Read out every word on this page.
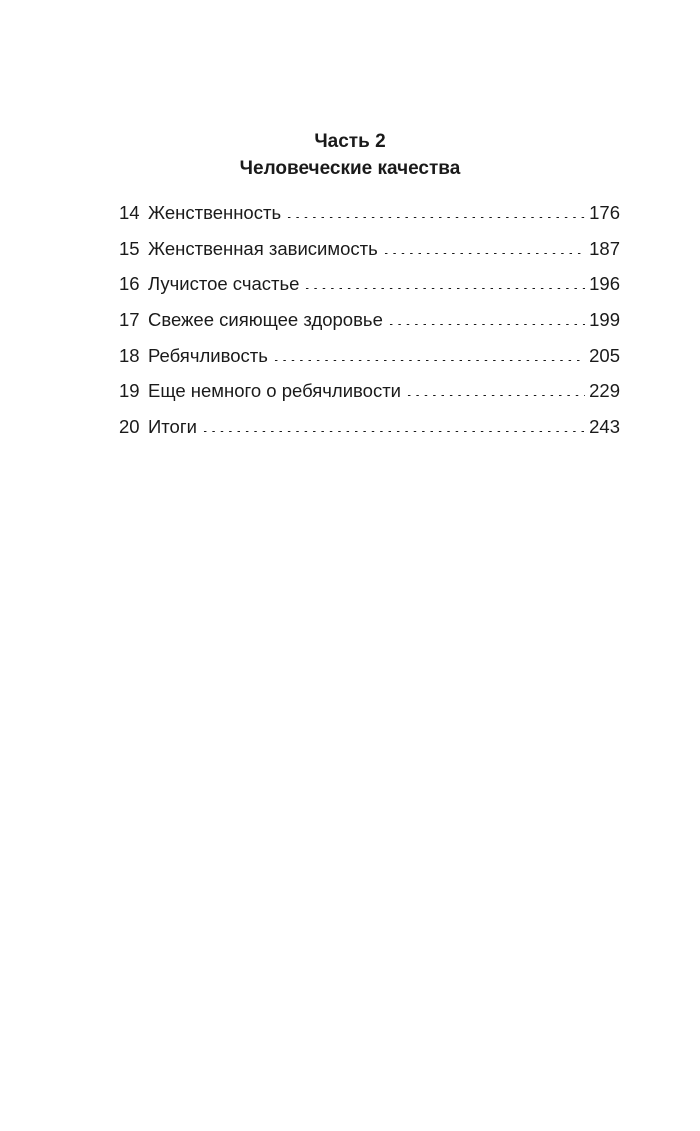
Часть 2
Человеческие качества
14 Женственность	176
15 Женственная зависимость	187
16 Лучистое счастье	196
17 Свежее сияющее здоровье	199
18 Ребячливость	205
19 Еще немного о ребячливости	229
20 Итоги	243
